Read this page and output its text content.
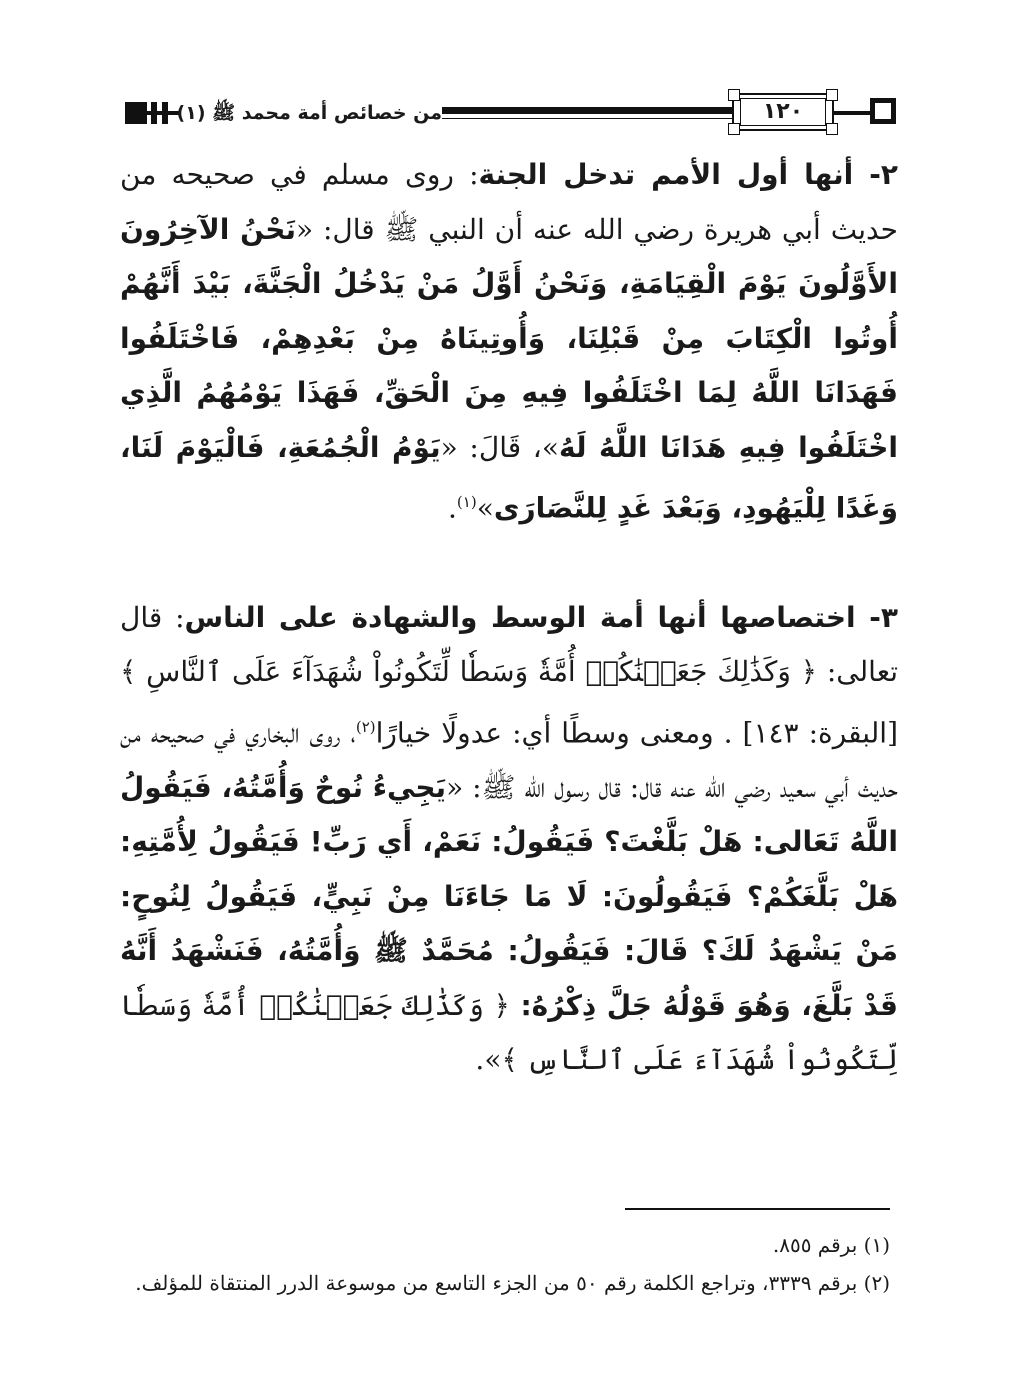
من خصائص أمة محمد ﷺ (١)	١٢٠

٢- أنها أول الأمم تدخل الجنة: روى مسلم في صحيحه من حديث أبي هريرة رضي الله عنه أن النبي ﷺ قال: «نَحْنُ الآخِرُونَ الأَوَّلُونَ يَوْمَ الْقِيَامَةِ، وَنَحْنُ أَوَّلُ مَنْ يَدْخُلُ الْجَنَّةَ، بَيْدَ أَنَّهُمْ أُوتُوا الْكِتَابَ مِنْ قَبْلِنَا، وَأُوتِينَاهُ مِنْ بَعْدِهِمْ، فَاخْتَلَفُوا فَهَدَانَا اللَّهُ لِمَا اخْتَلَفُوا فِيهِ مِنَ الْحَقِّ، فَهَذَا يَوْمُهُمُ الَّذِي اخْتَلَفُوا فِيهِ هَدَانَا اللَّهُ لَهُ»، قَالَ: «يَوْمُ الْجُمُعَةِ، فَالْيَوْمَ لَنَا، وَغَدًا لِلْيَهُودِ، وَبَعْدَ غَدٍ لِلنَّصَارَى»$^{(١)}$.

٣- اختصاصها أنها أمة الوسط والشهادة على الناس: قال تعالى: ﴿ وَكَذَٰلِكَ جَعَلۡنَٰكُمۡ أُمَّةٗ وَسَطٗا لِّتَكُونُواْ شُهَدَآءَ عَلَى ٱلنَّاسِ ﴾ [البقرة: ١٤٣] . ومعنى وسطًا أي: عدولًا خيارًا$^{(٢)}$، روى البخاري في صحيحه من حديث أبي سعيد رضي الله عنه قال: قال رسول الله ﷺ: «يَجِيءُ نُوحٌ وَأُمَّتُهُ، فَيَقُولُ اللَّهُ تَعَالى: هَلْ بَلَّغْتَ؟ فَيَقُولُ: نَعَمْ، أَي رَبِّ! فَيَقُولُ لِأُمَّتِهِ: هَلْ بَلَّغَكُمْ؟ فَيَقُولُونَ: لَا مَا جَاءَنَا مِنْ نَبِيٍّ، فَيَقُولُ لِنُوحٍ: مَنْ يَشْهَدُ لَكَ؟ قَالَ: فَيَقُولُ: مُحَمَّدٌ ﷺ وَأُمَّتُهُ، فَنَشْهَدُ أَنَّهُ قَدْ بَلَّغَ، وَهُوَ قَوْلُهُ جَلَّ ذِكْرُهُ: ﴿ وَكَذَٰلِكَ جَعَلۡنَٰكُمۡ أُمَّةٗ وَسَطٗا لِّتَكُونُواْ شُهَدَآءَ عَلَى ٱلنَّاسِ ﴾».

(١) برقم ٨٥٥.

(٢) برقم ٣٣٣٩، وتراجع الكلمة رقم ٥٠ من الجزء التاسع من موسوعة الدرر المنتقاة للمؤلف.
